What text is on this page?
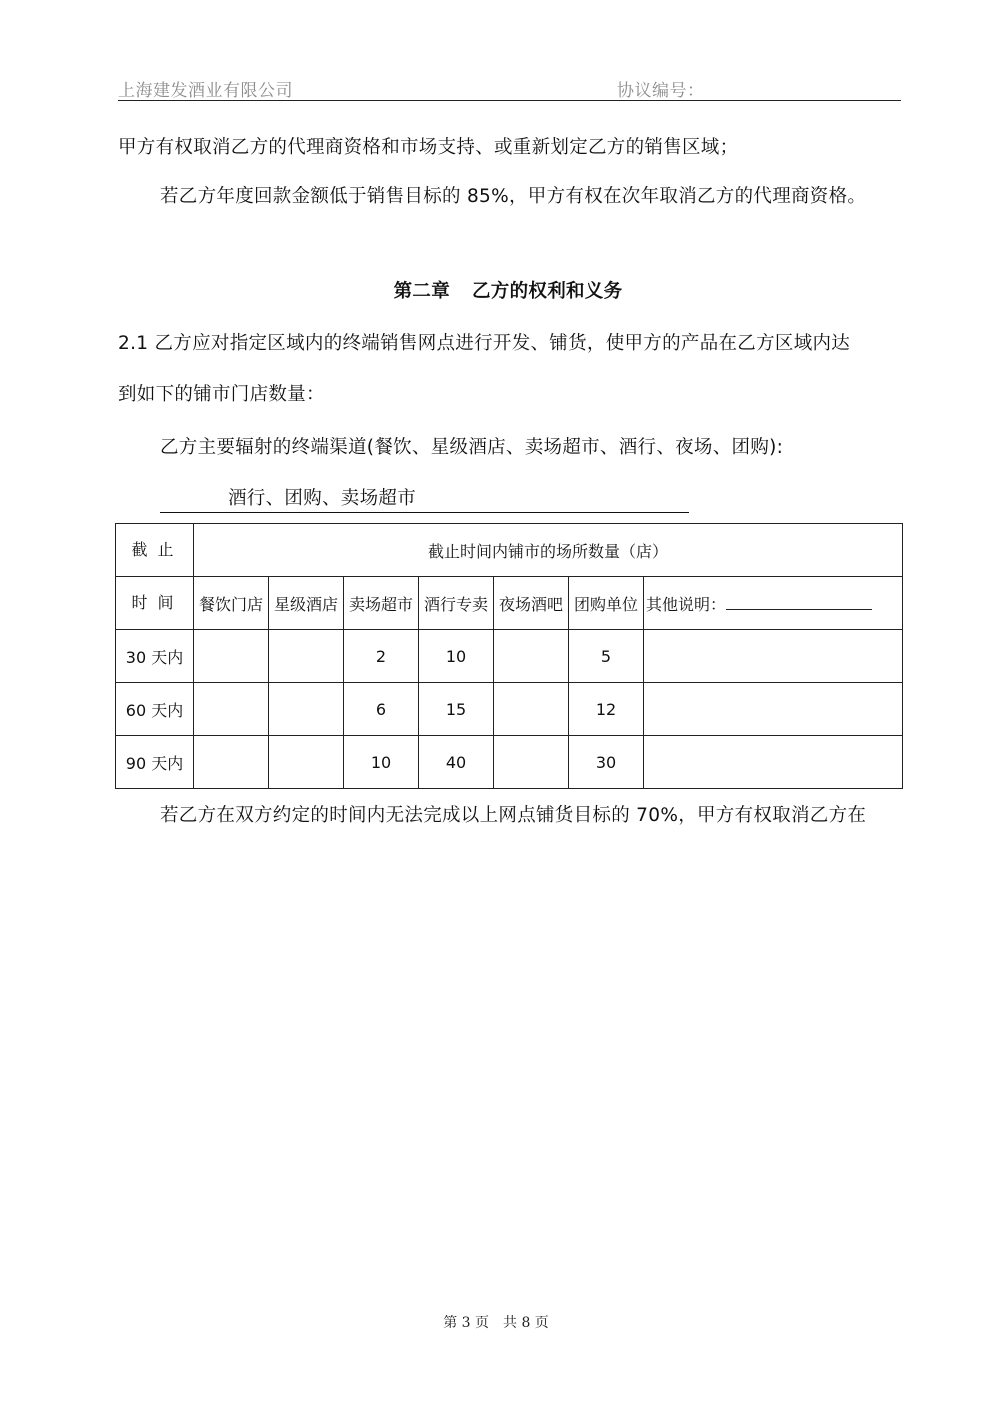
上海建发酒业有限公司	协议编号：
甲方有权取消乙方的代理商资格和市场支持、或重新划定乙方的销售区域；
若乙方年度回款金额低于销售目标的 85%，甲方有权在次年取消乙方的代理商资格。
第二章 乙方的权利和义务
2.1 乙方应对指定区域内的终端销售网点进行开发、铺货，使甲方的产品在乙方区域内达
到如下的铺市门店数量：
乙方主要辐射的终端渠道(餐饮、星级酒店、卖场超市、酒行、夜场、团购):
酒行、团购、卖场超市
截止	截止时间内铺市的场所数量（店）						
时间	餐饮门店	星级酒店	卖场超市	酒行专卖	夜场酒吧	团购单位	其他说明：
30 天内			2	10		5	
60 天内			6	15		12	
90 天内			10	40		30	
若乙方在双方约定的时间内无法完成以上网点铺货目标的 70%，甲方有权取消乙方在
第 3 页 共 8 页
